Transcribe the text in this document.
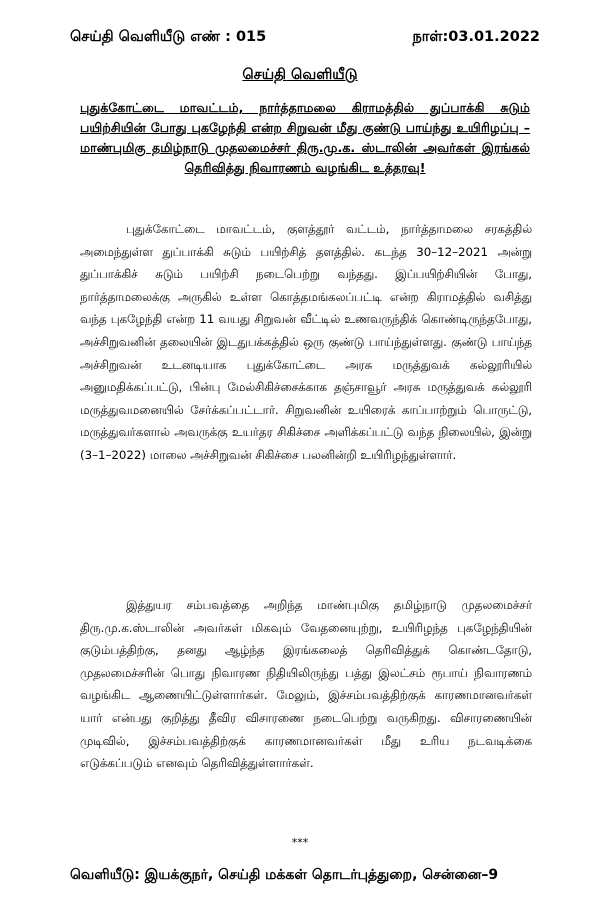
செய்தி வெளியீடு எண் : 015	நாள்:03.01.2022
செய்தி வெளியீடு
புதுக்கோட்டை மாவட்டம், நார்த்தாமலை கிராமத்தில் துப்பாக்கி சுடும் பயிற்சியின் போது புகழேந்தி என்ற சிறுவன் மீது குண்டு பாய்ந்து உயிரிழப்பு – மாண்புமிகு தமிழ்நாடு முதலமைச்சர் திரு.மு.க. ஸ்டாலின் அவர்கள் இரங்கல் தெரிவித்து நிவாரணம் வழங்கிட உத்தரவு!

புதுக்கோட்டை மாவட்டம், குளத்தூர் வட்டம், நார்த்தாமலை சரகத்தில் அமைந்துள்ள துப்பாக்கி சுடும் பயிற்சித் தளத்தில். கடந்த 30–12–2021 அன்று துப்பாக்கிச் சுடும் பயிற்சி நடைபெற்று வந்தது. இப்பயிற்சியின் போது, நார்த்தாமலைக்கு அருகில் உள்ள கொத்தமங்கலப்பட்டி என்ற கிராமத்தில் வசித்து வந்த புகழேந்தி என்ற 11 வயது சிறுவன் வீட்டில் உணவருந்திக் கொண்டிருந்தபோது, அச்சிறுவனின் தலையின் இடதுபக்கத்தில் ஒரு குண்டு பாய்ந்துள்ளது. குண்டு பாய்ந்த அச்சிறுவன் உடனடியாக புதுக்கோட்டை அரசு மருத்துவக் கல்லூரியில் அனுமதிக்கப்பட்டு, பின்பு மேல்சிகிச்சைக்காக தஞ்சாவூர் அரசு மருத்துவக் கல்லூரி மருத்துவமனையில் சேர்க்கப்பட்டார். சிறுவனின் உயிரைக் காப்பாற்றும் பொருட்டு, மருத்துவர்களால் அவருக்கு உயர்தர சிகிச்சை அளிக்கப்பட்டு வந்த நிலையில், இன்று (3–1–2022) மாலை அச்சிறுவன் சிகிச்சை பலனின்றி உயிரிழந்துள்ளார்.

இத்துயர சம்பவத்தை அறிந்த மாண்புமிகு தமிழ்நாடு முதலமைச்சர் திரு.மு.க.ஸ்டாலின் அவர்கள் மிகவும் வேதனையுற்று, உயிரிழந்த புகழேந்தியின் குடும்பத்திற்கு, தனது ஆழ்ந்த இரங்கலைத் தெரிவித்துக் கொண்டதோடு, முதலமைச்சரின் பொது நிவாரண நிதியிலிருந்து பத்து இலட்சம் ரூபாய் நிவாரணம் வழங்கிட ஆணையிட்டுள்ளார்கள். மேலும், இச்சம்பவத்திற்குக் காரணமானவர்கள் யார் என்பது குறித்து தீவிர விசாரணை நடைபெற்று வருகிறது. விசாரணையின் முடிவில், இச்சம்பவத்திற்குக் காரணமானவர்கள் மீது உரிய நடவடிக்கை எடுக்கப்படும் எனவும் தெரிவித்துள்ளார்கள்.

***
வெளியீடு: இயக்குநர், செய்தி மக்கள் தொடர்புத்துறை, சென்னை–9
